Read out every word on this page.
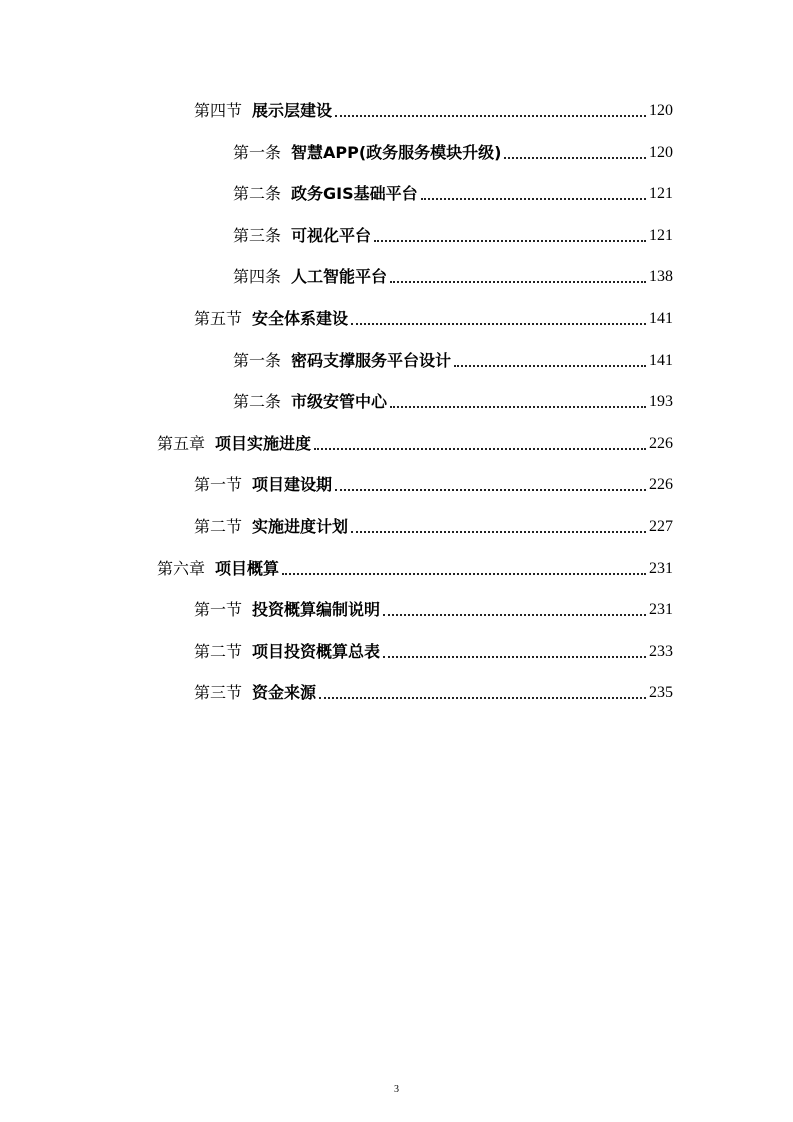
第四节 展示层建设	120
第一条 智慧APP(政务服务模块升级)	120
第二条 政务GIS基础平台	121
第三条 可视化平台	121
第四条 人工智能平台	138
第五节 安全体系建设	141
第一条 密码支撑服务平台设计	141
第二条 市级安管中心	193
第五章 项目实施进度	226
第一节 项目建设期	226
第二节 实施进度计划	227
第六章 项目概算	231
第一节 投资概算编制说明	231
第二节 项目投资概算总表	233
第三节 资金来源	235
3
